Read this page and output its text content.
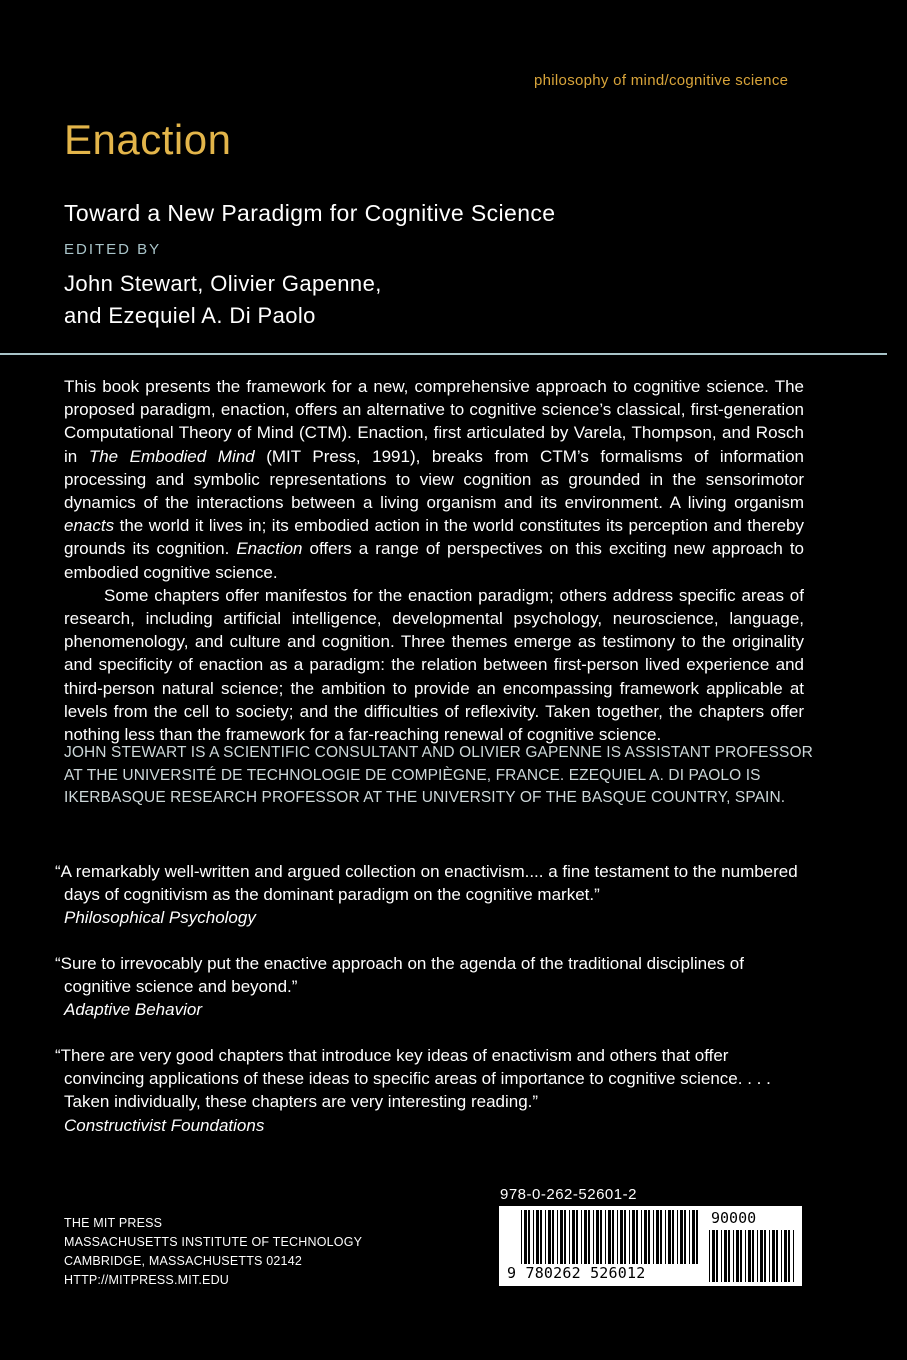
philosophy of mind/cognitive science
Enaction
Toward a New Paradigm for Cognitive Science
EDITED BY
John Stewart, Olivier Gapenne,
and Ezequiel A. Di Paolo

This book presents the framework for a new, comprehensive approach to cognitive science. The proposed paradigm, enaction, offers an alternative to cognitive science’s classical, first-generation Computational Theory of Mind (CTM). Enaction, first articulated by Varela, Thompson, and Rosch in The Embodied Mind (MIT Press, 1991), breaks from CTM’s formalisms of information processing and symbolic representations to view cognition as grounded in the sensorimotor dynamics of the interactions between a living organism and its environment. A living organism enacts the world it lives in; its embodied action in the world constitutes its perception and thereby grounds its cognition. Enaction offers a range of perspectives on this exciting new approach to embodied cognitive science.

Some chapters offer manifestos for the enaction paradigm; others address specific areas of research, including artificial intelligence, developmental psychology, neuroscience, language, phenomenology, and culture and cognition. Three themes emerge as testimony to the originality and specificity of enaction as a paradigm: the relation between first-person lived experience and third-person natural science; the ambition to provide an encompassing framework applicable at levels from the cell to society; and the difficulties of reflexivity. Taken together, the chapters offer nothing less than the framework for a far-reaching renewal of cognitive science.

JOHN STEWART IS A SCIENTIFIC CONSULTANT AND OLIVIER GAPENNE IS ASSISTANT PROFESSOR AT THE UNIVERSITÉ DE TECHNOLOGIE DE COMPIÈGNE, FRANCE. EZEQUIEL A. DI PAOLO IS IKERBASQUE RESEARCH PROFESSOR AT THE UNIVERSITY OF THE BASQUE COUNTRY, SPAIN.
“A remarkably well-written and argued collection on enactivism.... a fine testament to the numbered days of cognitivism as the dominant paradigm on the cognitive market.”
Philosophical Psychology
“Sure to irrevocably put the enactive approach on the agenda of the traditional disciplines of cognitive science and beyond.”
Adaptive Behavior
“There are very good chapters that introduce key ideas of enactivism and others that offer convincing applications of these ideas to specific areas of importance to cognitive science. . . . Taken individually, these chapters are very interesting reading.”
Constructivist Foundations
THE MIT PRESS
MASSACHUSETTS INSTITUTE OF TECHNOLOGY
CAMBRIDGE, MASSACHUSETTS 02142
HTTP://MITPRESS.MIT.EDU
978-0-262-52601-2
9 780262 526012
90000
